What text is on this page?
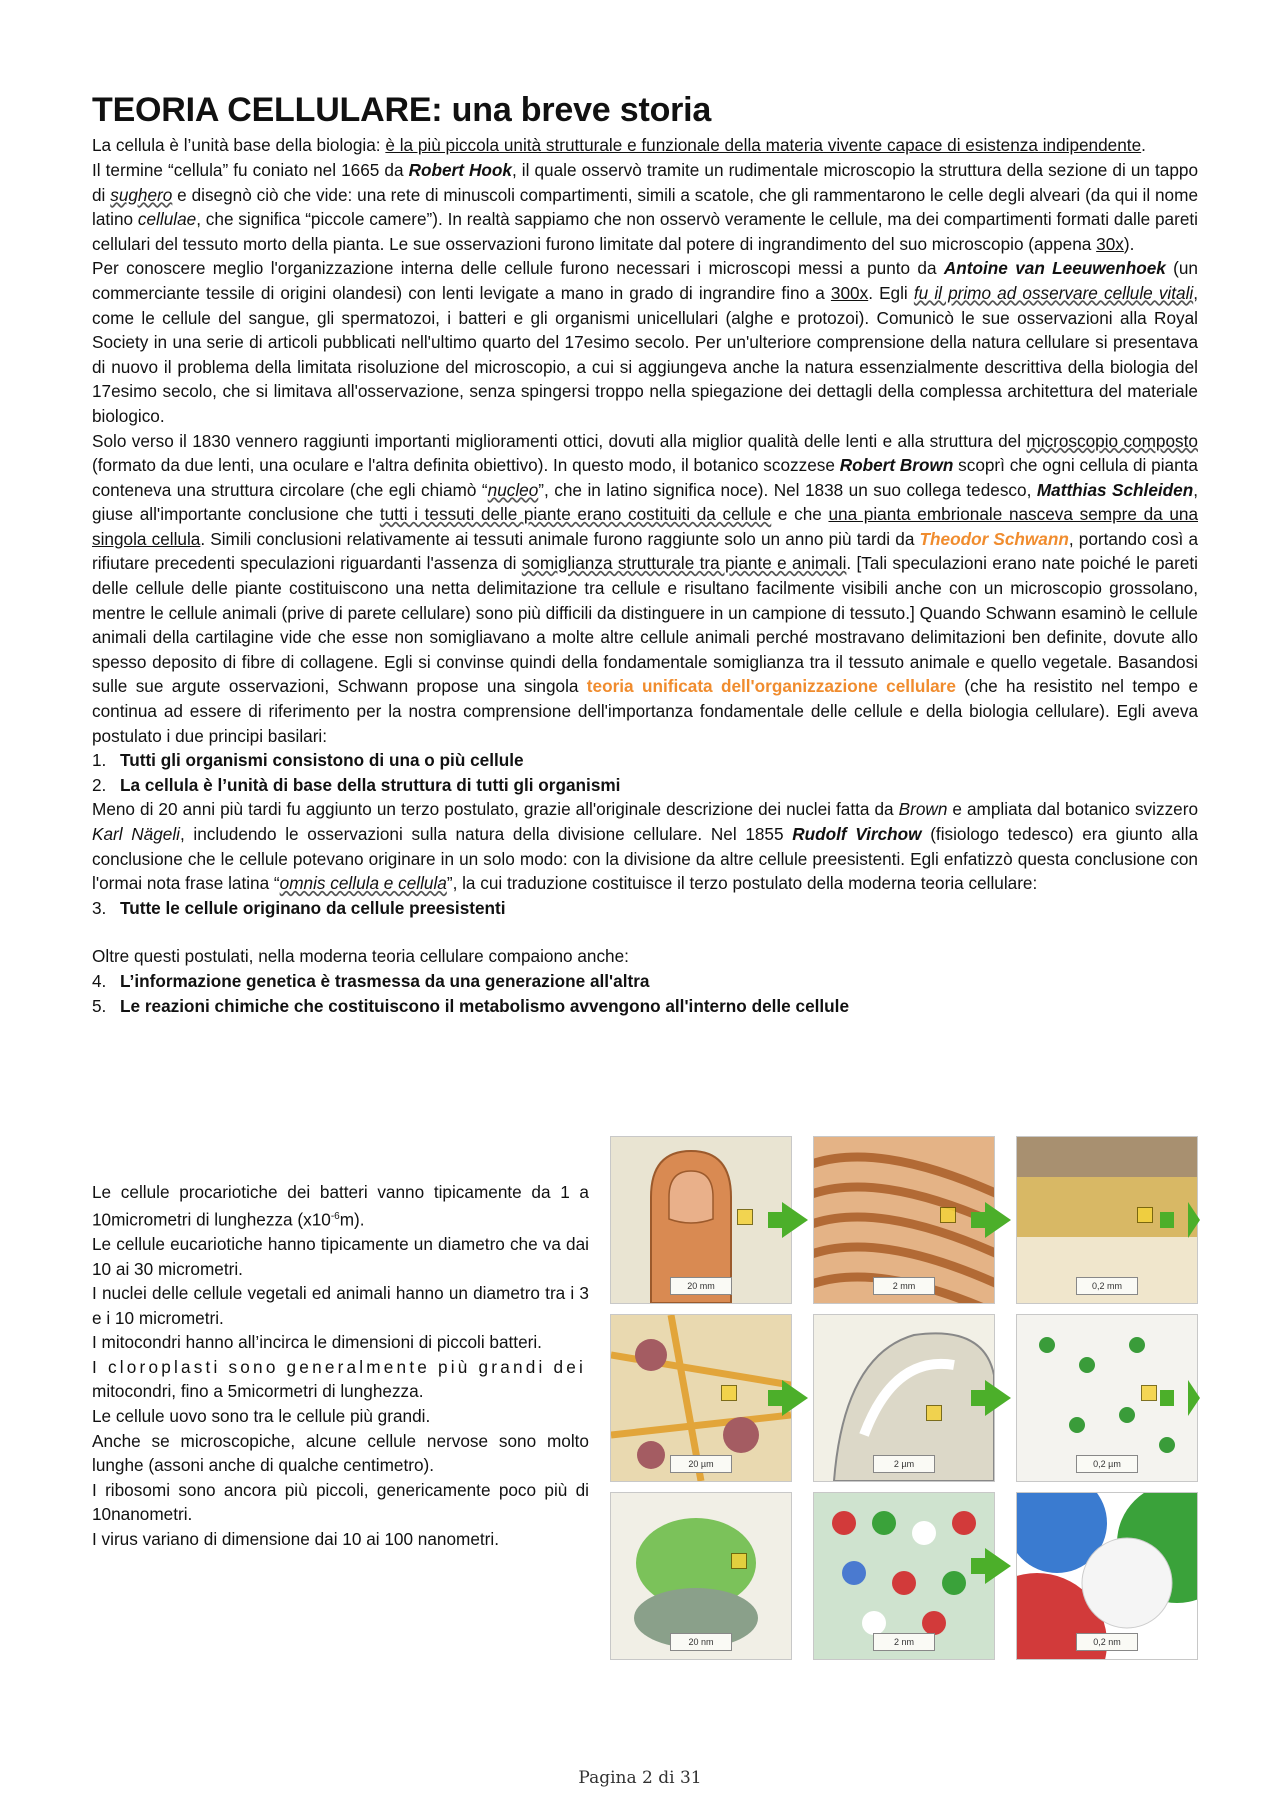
TEORIA CELLULARE: una breve storia

La cellula è l’unità base della biologia: è la più piccola unità strutturale e funzionale della materia vivente capace di esistenza indipendente.

Il termine “cellula” fu coniato nel 1665 da Robert Hook, il quale osservò tramite un rudimentale microscopio la struttura della sezione di un tappo di sughero e disegnò ciò che vide: una rete di minuscoli compartimenti, simili a scatole, che gli rammentarono le celle degli alveari (da qui il nome latino cellulae, che significa “piccole camere”). In realtà sappiamo che non osservò veramente le cellule, ma dei compartimenti formati dalle pareti cellulari del tessuto morto della pianta. Le sue osservazioni furono limitate dal potere di ingrandimento del suo microscopio (appena 30x).

Per conoscere meglio l'organizzazione interna delle cellule furono necessari i microscopi messi a punto da Antoine van Leeuwenhoek (un commerciante tessile di origini olandesi) con lenti levigate a mano in grado di ingrandire fino a 300x. Egli fu il primo ad osservare cellule vitali, come le cellule del sangue, gli spermatozoi, i batteri e gli organismi unicellulari (alghe e protozoi). Comunicò le sue osservazioni alla Royal Society in una serie di articoli pubblicati nell'ultimo quarto del 17esimo secolo. Per un'ulteriore comprensione della natura cellulare si presentava di nuovo il problema della limitata risoluzione del microscopio, a cui si aggiungeva anche la natura essenzialmente descrittiva della biologia del 17esimo secolo, che si limitava all'osservazione, senza spingersi troppo nella spiegazione dei dettagli della complessa architettura del materiale biologico.

Solo verso il 1830 vennero raggiunti importanti miglioramenti ottici, dovuti alla miglior qualità delle lenti e alla struttura del microscopio composto (formato da due lenti, una oculare e l'altra definita obiettivo). In questo modo, il botanico scozzese Robert Brown scoprì che ogni cellula di pianta conteneva una struttura circolare (che egli chiamò “nucleo”, che in latino significa noce). Nel 1838 un suo collega tedesco, Matthias Schleiden, giuse all'importante conclusione che tutti i tessuti delle piante erano costituiti da cellule e che una pianta embrionale nasceva sempre da una singola cellula. Simili conclusioni relativamente ai tessuti animale furono raggiunte solo un anno più tardi da Theodor Schwann, portando così a rifiutare precedenti speculazioni riguardanti l'assenza di somiglianza strutturale tra piante e animali. [Tali speculazioni erano nate poiché le pareti delle cellule delle piante costituiscono una netta delimitazione tra cellule e risultano facilmente visibili anche con un microscopio grossolano, mentre le cellule animali (prive di parete cellulare) sono più difficili da distinguere in un campione di tessuto.] Quando Schwann esaminò le cellule animali della cartilagine vide che esse non somigliavano a molte altre cellule animali perché mostravano delimitazioni ben definite, dovute allo spesso deposito di fibre di collagene. Egli si convinse quindi della fondamentale somiglianza tra il tessuto animale e quello vegetale. Basandosi sulle sue argute osservazioni, Schwann propose una singola teoria unificata dell'organizzazione cellulare (che ha resistito nel tempo e continua ad essere di riferimento per la nostra comprensione dell'importanza fondamentale delle cellule e della biologia cellulare). Egli aveva postulato i due principi basilari:

1. Tutti gli organismi consistono di una o più cellule
2. La cellula è l’unità di base della struttura di tutti gli organismi

Meno di 20 anni più tardi fu aggiunto un terzo postulato, grazie all'originale descrizione dei nuclei fatta da Brown e ampliata dal botanico svizzero Karl Nägeli, includendo le osservazioni sulla natura della divisione cellulare. Nel 1855 Rudolf Virchow (fisiologo tedesco) era giunto alla conclusione che le cellule potevano originare in un solo modo: con la divisione da altre cellule preesistenti. Egli enfatizzò questa conclusione con l'ormai nota frase latina “omnis cellula e cellula”, la cui traduzione costituisce il terzo postulato della moderna teoria cellulare:

3. Tutte le cellule originano da cellule preesistenti

Oltre questi postulati, nella moderna teoria cellulare compaiono anche:

4. L’informazione genetica è trasmessa da una generazione all'altra
5. Le reazioni chimiche che costituiscono il metabolismo avvengono all'interno delle cellule

Le cellule procariotiche dei batteri vanno tipicamente da 1 a 10micrometri di lunghezza $(x10^{-6}m)$.

Le cellule eucariotiche hanno tipicamente un diametro che va dai 10 ai 30 micrometri.

I nuclei delle cellule vegetali ed animali hanno un diametro tra i 3 e i 10 micrometri.

I mitocondri hanno all’incirca le dimensioni di piccoli batteri.

I cloroplasti sono generalmente più grandi dei
mitocondri, fino a 5micormetri di lunghezza.

Le cellule uovo sono tra le cellule più grandi.

Anche se microscopiche, alcune cellule nervose sono molto lunghe (assoni anche di qualche centimetro).

I ribosomi sono ancora più piccoli, genericamente poco più di 10nanometri.

I virus variano di dimensione dai 10 ai 100 nanometri.

20 mm	2 mm	0,2 mm
20 µm	2 µm	0,2 µm
20 nm	2 nm	0,2 nm
Pagina 2 di 31
